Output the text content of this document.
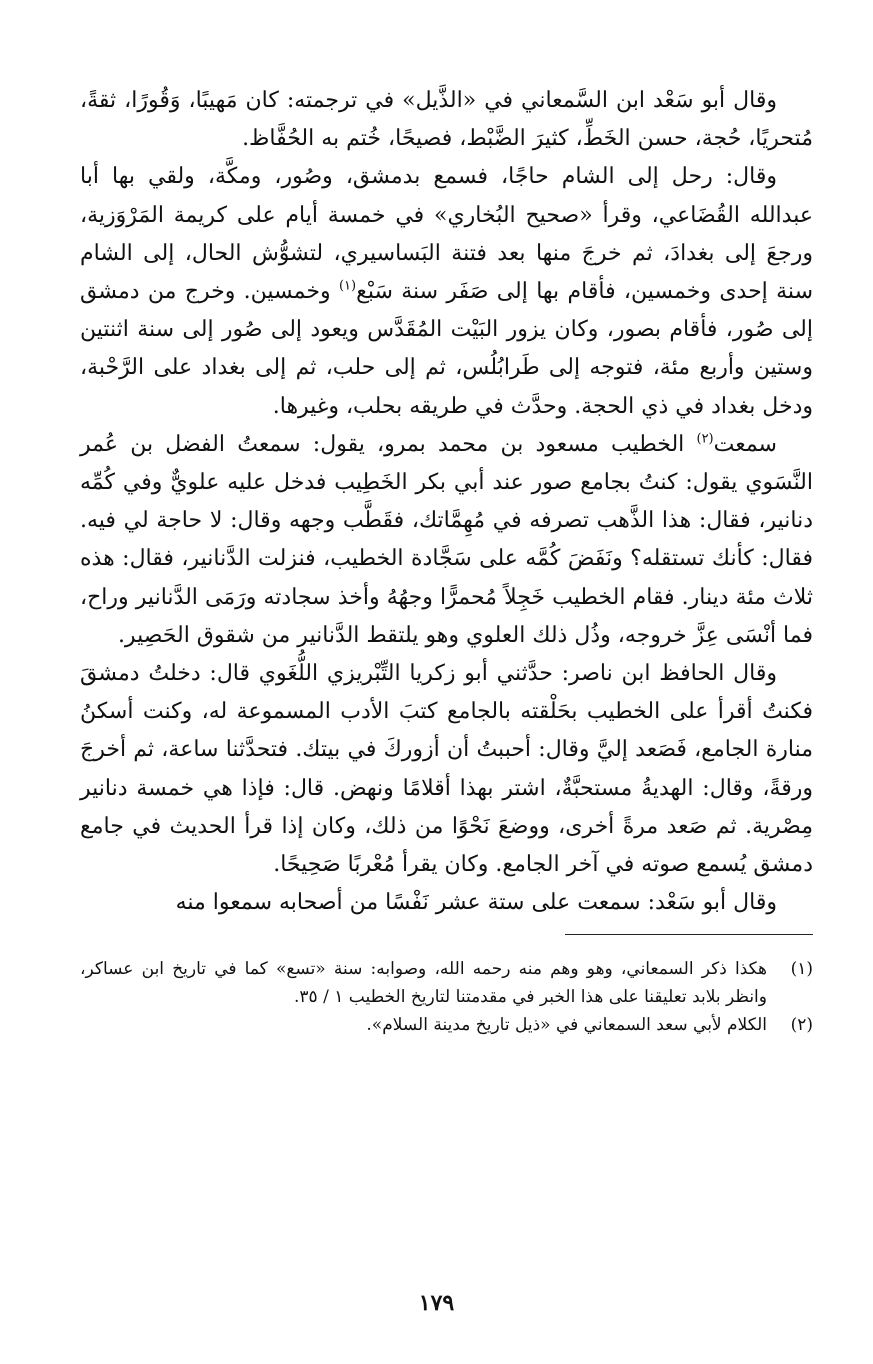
وقال أبو سَعْد ابن السَّمعاني في «الذَّيل» في ترجمته: كان مَهيبًا، وَقُورًا، ثقةً، مُتحريًا، حُجة، حسن الخَطِّ، كثيرَ الضَّبْط، فصيحًا، خُتم به الحُفَّاظ.

وقال: رحل إلى الشام حاجًا، فسمع بدمشق، وصُور، ومكَّة، ولقي بها أبا عبدالله القُضَاعي، وقرأ «صحيح البُخاري» في خمسة أيام على كريمة المَرْوَزية، ورجعَ إلى بغدادَ، ثم خرجَ منها بعد فتنة البَساسيري، لتشوُّش الحال، إلى الشام سنة إحدى وخمسين، فأقام بها إلى صَفَر سنة سَبْع$^{(١)}$ وخمسين. وخرج من دمشق إلى صُور، فأقام بصور، وكان يزور البَيْت المُقَدَّس ويعود إلى صُور إلى سنة اثنتين وستين وأربع مئة، فتوجه إلى طَرابُلُس، ثم إلى حلب، ثم إلى بغداد على الرَّحْبة، ودخل بغداد في ذي الحجة. وحدَّث في طريقه بحلب، وغيرها.

سمعت$^{(٢)}$ الخطيب مسعود بن محمد بمرو، يقول: سمعتُ الفضل بن عُمر النَّسَوي يقول: كنتُ بجامع صور عند أبي بكر الخَطِيب فدخل عليه علويٌّ وفي كُمِّه دنانير، فقال: هذا الذَّهب تصرفه في مُهِمَّاتك، فقَطَّب وجهه وقال: لا حاجة لي فيه. فقال: كأنك تستقله؟ ونَفَضَ كُمَّه على سَجَّادة الخطيب، فنزلت الدَّنانير، فقال: هذه ثلاث مئة دينار. فقام الخطيب خَجِلاً مُحمرًّا وجهُهُ وأخذ سجادته ورَمَى الدَّنانير وراح، فما أنْسَى عِزَّ خروجه، وذُل ذلك العلوي وهو يلتقط الدَّنانير من شقوق الحَصِير.

وقال الحافظ ابن ناصر: حدَّثني أبو زكريا التِّبْريزي اللُّغَوي قال: دخلتُ دمشقَ فكنتُ أقرأ على الخطيب بحَلْقته بالجامع كتبَ الأدب المسموعة له، وكنت أسكنُ منارة الجامع، فَصَعد إليَّ وقال: أحببتُ أن أزوركَ في بيتك. فتحدَّثنا ساعة، ثم أخرجَ ورقةً، وقال: الهديةُ مستحبَّةٌ، اشتر بهذا أقلامًا ونهض. قال: فإذا هي خمسة دنانير مِصْرية. ثم صَعد مرةً أخرى، ووضعَ نَحْوًا من ذلك، وكان إذا قرأ الحديث في جامع دمشق يُسمع صوته في آخر الجامع. وكان يقرأ مُعْربًا صَحِيحًا.

وقال أبو سَعْد: سمعت على ستة عشر نَفْسًا من أصحابه سمعوا منه

(١)
هكذا ذكر السمعاني، وهو وهم منه رحمه الله، وصوابه: سنة «تسع» كما في تاريخ ابن عساكر، وانظر بلابد تعليقنا على هذا الخبر في مقدمتنا لتاريخ الخطيب ١ / ٣٥.
(٢)
الكلام لأبي سعد السمعاني في «ذيل تاريخ مدينة السلام».
١٧٩
